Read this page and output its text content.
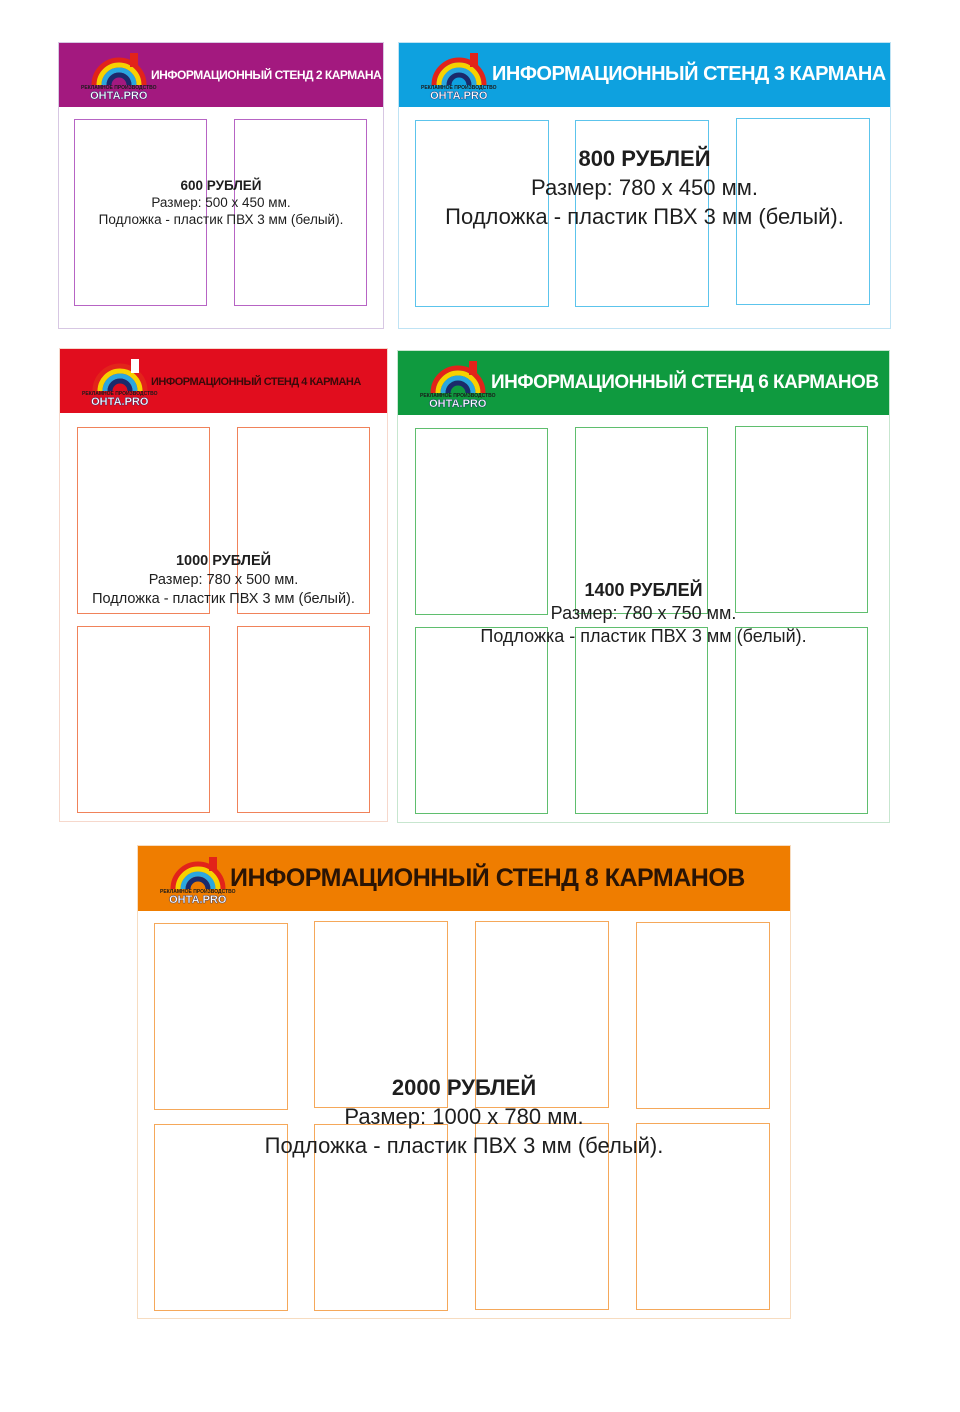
РЕКЛАМНОЕ ПРОИЗВОДСТВО
ОНТА.PRO
ИНФОРМАЦИОННЫЙ СТЕНД 2 КАРМАНА
600 РУБЛЕЙ
Размер: 500 х 450 мм.
Подложка - пластик ПВХ 3 мм (белый).
РЕКЛАМНОЕ ПРОИЗВОДСТВО
ОНТА.PRO
ИНФОРМАЦИОННЫЙ СТЕНД 3 КАРМАНА
800 РУБЛЕЙ
Размер: 780 х 450 мм.
Подложка - пластик ПВХ 3 мм (белый).
РЕКЛАМНОЕ ПРОИЗВОДСТВО
ОНТА.PRO
ИНФОРМАЦИОННЫЙ СТЕНД 4 КАРМАНА
1000 РУБЛЕЙ
Размер: 780 х 500 мм.
Подложка - пластик ПВХ 3 мм (белый).
РЕКЛАМНОЕ ПРОИЗВОДСТВО
ОНТА.PRO
ИНФОРМАЦИОННЫЙ СТЕНД 6 КАРМАНОВ
1400 РУБЛЕЙ
Размер: 780 х 750 мм.
Подложка - пластик ПВХ 3 мм (белый).
РЕКЛАМНОЕ ПРОИЗВОДСТВО
ОНТА.PRO
ИНФОРМАЦИОННЫЙ СТЕНД 8 КАРМАНОВ
2000 РУБЛЕЙ
Размер: 1000 х 780 мм.
Подложка - пластик ПВХ 3 мм (белый).
